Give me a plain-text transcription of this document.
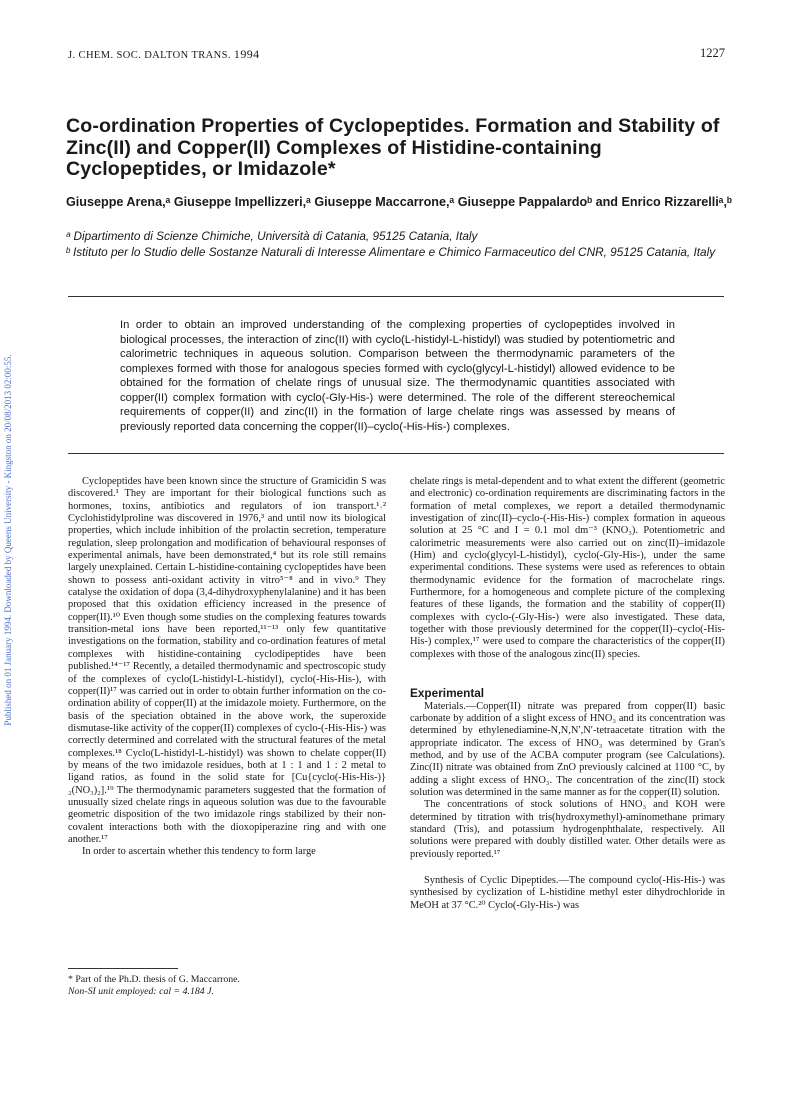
Published on 01 January 1994. Downloaded by Queens University - Kingston on 20/08/2013 02:00:55.
J. CHEM. SOC. DALTON TRANS. 1994	1227
Co-ordination Properties of Cyclopeptides. Formation and Stability of Zinc(II) and Copper(II) Complexes of Histidine-containing Cyclopeptides, or Imidazole*
Giuseppe Arena,ᵃ Giuseppe Impellizzeri,ᵃ Giuseppe Maccarrone,ᵃ Giuseppe Pappalardoᵇ and Enrico Rizzarelliᵃ,ᵇ
ᵃ Dipartimento di Scienze Chimiche, Università di Catania, 95125 Catania, Italy
ᵇ Istituto per lo Studio delle Sostanze Naturali di Interesse Alimentare e Chimico Farmaceutico del CNR, 95125 Catania, Italy
In order to obtain an improved understanding of the complexing properties of cyclopeptides involved in biological processes, the interaction of zinc(II) with cyclo(L-histidyl-L-histidyl) was studied by potentiometric and calorimetric techniques in aqueous solution. Comparison between the thermodynamic parameters of the complexes formed with those for analogous species formed with cyclo(glycyl-L-histidyl) allowed evidence to be obtained for the formation of chelate rings of unusual size. The thermodynamic quantities associated with copper(II) complex formation with cyclo(-Gly-His-) were determined. The role of the different stereochemical requirements of copper(II) and zinc(II) in the formation of large chelate rings was assessed by means of previously reported data concerning the copper(II)–cyclo(-His-His-) complexes.

Cyclopeptides have been known since the structure of Gramicidin S was discovered.¹ They are important for their biological functions such as hormones, toxins, antibiotics and regulators of ion transport.¹˒² Cyclohistidylproline was discovered in 1976,³ and until now its biological properties, which include inhibition of the prolactin secretion, temperature regulation, sleep prolongation and modification of behavioural responses of experimental animals, have been demonstrated,⁴ but its role still remains largely unexplained. Certain L-histidine-containing cyclopeptides have been shown to possess anti-oxidant activity in vitro⁵⁻⁸ and in vivo.⁹ They catalyse the oxidation of dopa (3,4-dihydroxyphenylalanine) and it has been proposed that this oxidation efficiency increased in the presence of copper(II).¹⁰ Even though some studies on the complexing features towards transition-metal ions have been reported,¹¹⁻¹³ only few quantitative investigations on the formation, stability and co-ordination features of metal complexes with histidine-containing cyclodipeptides have been published.¹⁴⁻¹⁷ Recently, a detailed thermodynamic and spectroscopic study of the complexes of cyclo(L-histidyl-L-histidyl), cyclo(-His-His-), with copper(II)¹⁷ was carried out in order to obtain further information on the co-ordination ability of copper(II) at the imidazole moiety. Furthermore, on the basis of the speciation obtained in the above work, the superoxide dismutase-like activity of the copper(II) complexes of cyclo-(-His-His-) was correctly determined and correlated with the structural features of the metal complexes.¹⁸ Cyclo(L-histidyl-L-histidyl) was shown to chelate copper(II) by means of the two imidazole residues, both at 1 : 1 and 1 : 2 metal to ligand ratios, as found in the solid state for [Cu{cyclo(-His-His-)}₂(NO₃)₂].¹⁹ The thermodynamic parameters suggested that the formation of unusually sized chelate rings in aqueous solution was due to the favourable geometric disposition of the two imidazole rings stabilized by their non-covalent interactions both with the dioxopiperazine ring and with one another.¹⁷

In order to ascertain whether this tendency to form large

chelate rings is metal-dependent and to what extent the different (geometric and electronic) co-ordination requirements are discriminating factors in the formation of metal complexes, we report a detailed thermodynamic investigation of zinc(II)–cyclo-(-His-His-) complex formation in aqueous solution at 25 °C and I = 0.1 mol dm⁻³ (KNO₃). Potentiometric and calorimetric measurements were also carried out on zinc(II)–imidazole (Him) and cyclo(glycyl-L-histidyl), cyclo(-Gly-His-), under the same experimental conditions. These systems were used as references to obtain thermodynamic evidence for the formation of macrochelate rings. Furthermore, for a homogeneous and complete picture of the complexing features of these ligands, the formation and the stability of copper(II) complexes with cyclo-(-Gly-His-) were also investigated. These data, together with those previously determined for the copper(II)–cyclo(-His-His-) complex,¹⁷ were used to compare the characteristics of the copper(II) complexes with those of the analogous zinc(II) species.

Experimental

Materials.—Copper(II) nitrate was prepared from copper(II) basic carbonate by addition of a slight excess of HNO₃ and its concentration was determined by ethylenediamine-N,N,N′,N′-tetraacetate titration with the appropriate indicator. The excess of HNO₃ was determined by Gran's method, and by use of the ACBA computer program (see Calculations). Zinc(II) nitrate was obtained from ZnO previously calcined at 1100 °C, by adding a slight excess of HNO₃. The concentration of the zinc(II) stock solution was determined in the same manner as for the copper(II) solution.

The concentrations of stock solutions of HNO₃ and KOH were determined by titration with tris(hydroxymethyl)-aminomethane primary standard (Tris), and potassium hydrogenphthalate, respectively. All solutions were prepared with doubly distilled water. Other details were as previously reported.¹⁷

Synthesis of Cyclic Dipeptides.—The compound cyclo(-His-His-) was synthesised by cyclization of L-histidine methyl ester dihydrochloride in MeOH at 37 °C.²⁰ Cyclo(-Gly-His-) was

* Part of the Ph.D. thesis of G. Maccarrone.
Non-SI unit employed: cal = 4.184 J.
